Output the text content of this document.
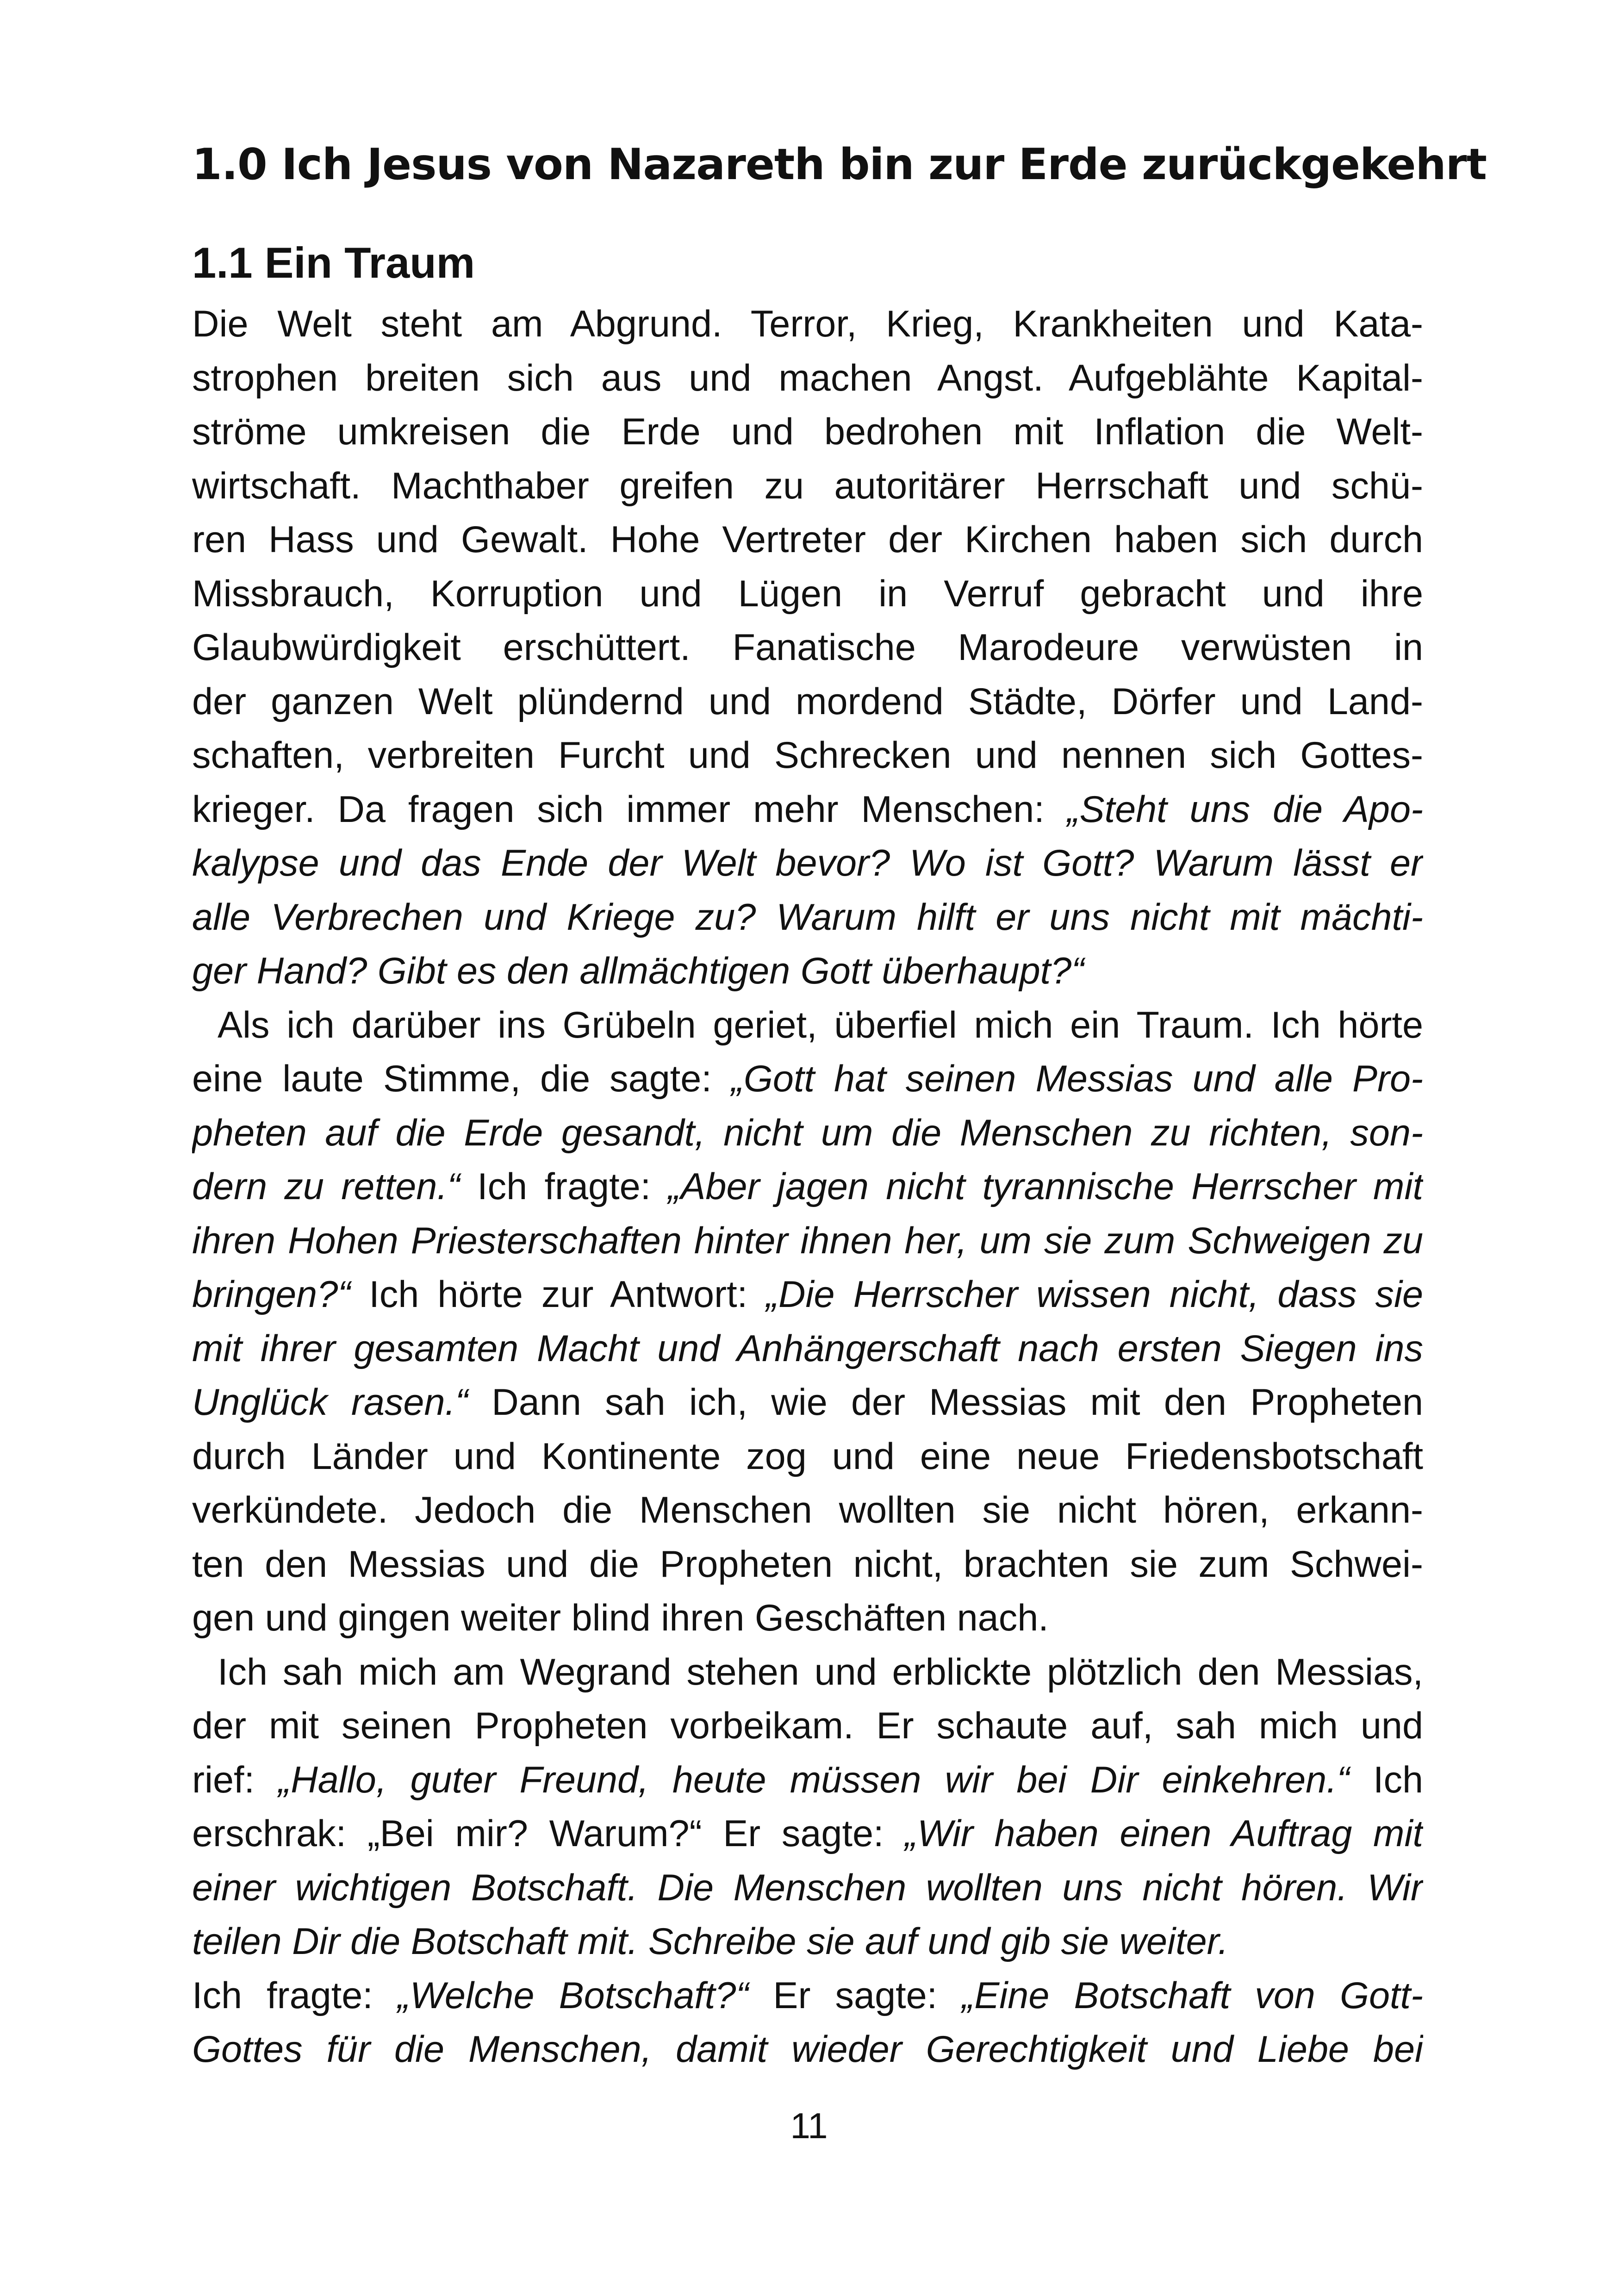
1.0 Ich Jesus von Nazareth bin zur Erde zurückgekehrt
1.1 Ein Traum
Die Welt steht am Abgrund. Terror, Krieg, Krankheiten und Kata-
strophen breiten sich aus und machen Angst. Aufgeblähte Kapital-
ströme umkreisen die Erde und bedrohen mit Inflation die Welt-
wirtschaft. Machthaber greifen zu autoritärer Herrschaft und schü-
ren Hass und Gewalt. Hohe Vertreter der Kirchen haben sich durch
Missbrauch, Korruption und Lügen in Verruf gebracht und ihre
Glaubwürdigkeit erschüttert. Fanatische Marodeure verwüsten in
der ganzen Welt plündernd und mordend Städte, Dörfer und Land-
schaften, verbreiten Furcht und Schrecken und nennen sich Gottes-
krieger. Da fragen sich immer mehr Menschen: „Steht uns die Apo-
kalypse und das Ende der Welt bevor? Wo ist Gott? Warum lässt er
alle Verbrechen und Kriege zu? Warum hilft er uns nicht mit mächti-
ger Hand? Gibt es den allmächtigen Gott überhaupt?“
Als ich darüber ins Grübeln geriet, überfiel mich ein Traum. Ich hörte
eine laute Stimme, die sagte: „Gott hat seinen Messias und alle Pro-
pheten auf die Erde gesandt, nicht um die Menschen zu richten, son-
dern zu retten.“ Ich fragte: „Aber jagen nicht tyrannische Herrscher mit
ihren Hohen Priesterschaften hinter ihnen her, um sie zum Schweigen zu
bringen?“ Ich hörte zur Antwort: „Die Herrscher wissen nicht, dass sie
mit ihrer gesamten Macht und Anhängerschaft nach ersten Siegen ins
Unglück rasen.“ Dann sah ich, wie der Messias mit den Propheten
durch Länder und Kontinente zog und eine neue Friedensbotschaft
verkündete. Jedoch die Menschen wollten sie nicht hören, erkann-
ten den Messias und die Propheten nicht, brachten sie zum Schwei-
gen und gingen weiter blind ihren Geschäften nach.
Ich sah mich am Wegrand stehen und erblickte plötzlich den Messias,
der mit seinen Propheten vorbeikam. Er schaute auf, sah mich und
rief: „Hallo, guter Freund, heute müssen wir bei Dir einkehren.“ Ich
erschrak: „Bei mir? Warum?“ Er sagte: „Wir haben einen Auftrag mit
einer wichtigen Botschaft. Die Menschen wollten uns nicht hören. Wir
teilen Dir die Botschaft mit. Schreibe sie auf und gib sie weiter.
Ich fragte: „Welche Botschaft?“ Er sagte: „Eine Botschaft von Gott-
Gottes für die Menschen, damit wieder Gerechtigkeit und Liebe bei
11
